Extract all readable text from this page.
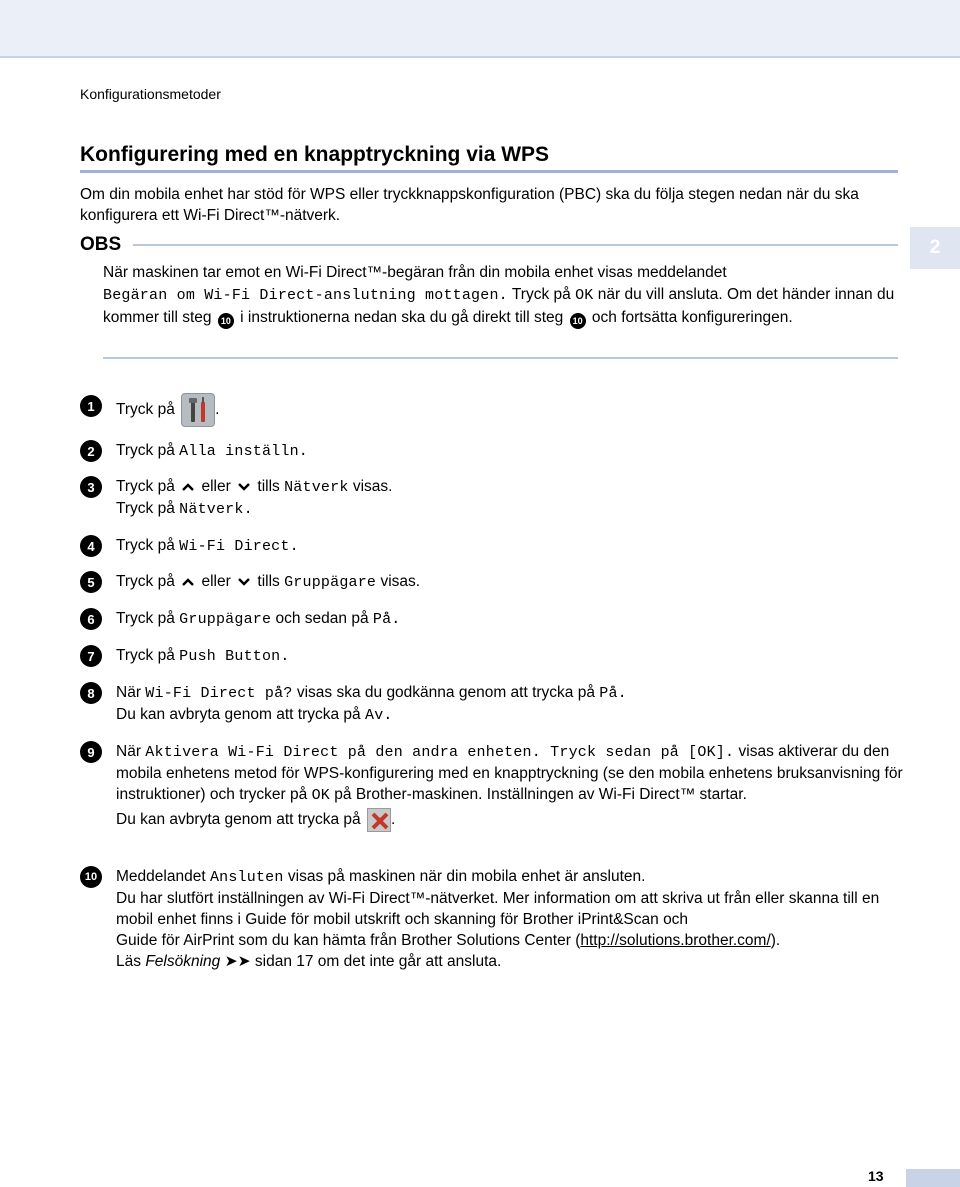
Konfigurationsmetoder
2
Konfigurering med en knapptryckning via WPS
Om din mobila enhet har stöd för WPS eller tryckknappskonfiguration (PBC) ska du följa stegen nedan när du ska konfigurera ett Wi-Fi Direct™-nätverk.
OBS
När maskinen tar emot en Wi-Fi Direct™-begäran från din mobila enhet visas meddelandet
Begäran om Wi-Fi Direct-anslutning mottagen. Tryck på OK när du vill ansluta. Om det händer innan du kommer till steg 10 i instruktionerna nedan ska du gå direkt till steg 10 och fortsätta konfigureringen.
1	Tryck på	.
2	Tryck på Alla inställn.
3	Tryck på eller tills Nätverk visas.
Tryck på Nätverk.
4	Tryck på Wi-Fi Direct.
5	Tryck på eller tills Gruppägare visas.
6	Tryck på Gruppägare och sedan på På.
7	Tryck på Push Button.
8	När Wi-Fi Direct på? visas ska du godkänna genom att trycka på På.
Du kan avbryta genom att trycka på Av.
9	När Aktivera Wi-Fi Direct på den andra enheten. Tryck sedan på [OK]. visas aktiverar du den mobila enhetens metod för WPS-konfigurering med en knapptryckning (se den mobila enhetens bruksanvisning för instruktioner) och trycker på OK på Brother-maskinen. Inställningen av Wi-Fi Direct™ startar.
Du kan avbryta genom att trycka på .
10	Meddelandet Ansluten visas på maskinen när din mobila enhet är ansluten.
Du har slutfört inställningen av Wi-Fi Direct™-nätverket. Mer information om att skriva ut från eller skanna till en mobil enhet finns i Guide för mobil utskrift och skanning för Brother iPrint&Scan och
Guide för AirPrint som du kan hämta från Brother Solutions Center (http://solutions.brother.com/).
Läs Felsökning ➤➤ sidan 17 om det inte går att ansluta.
13
